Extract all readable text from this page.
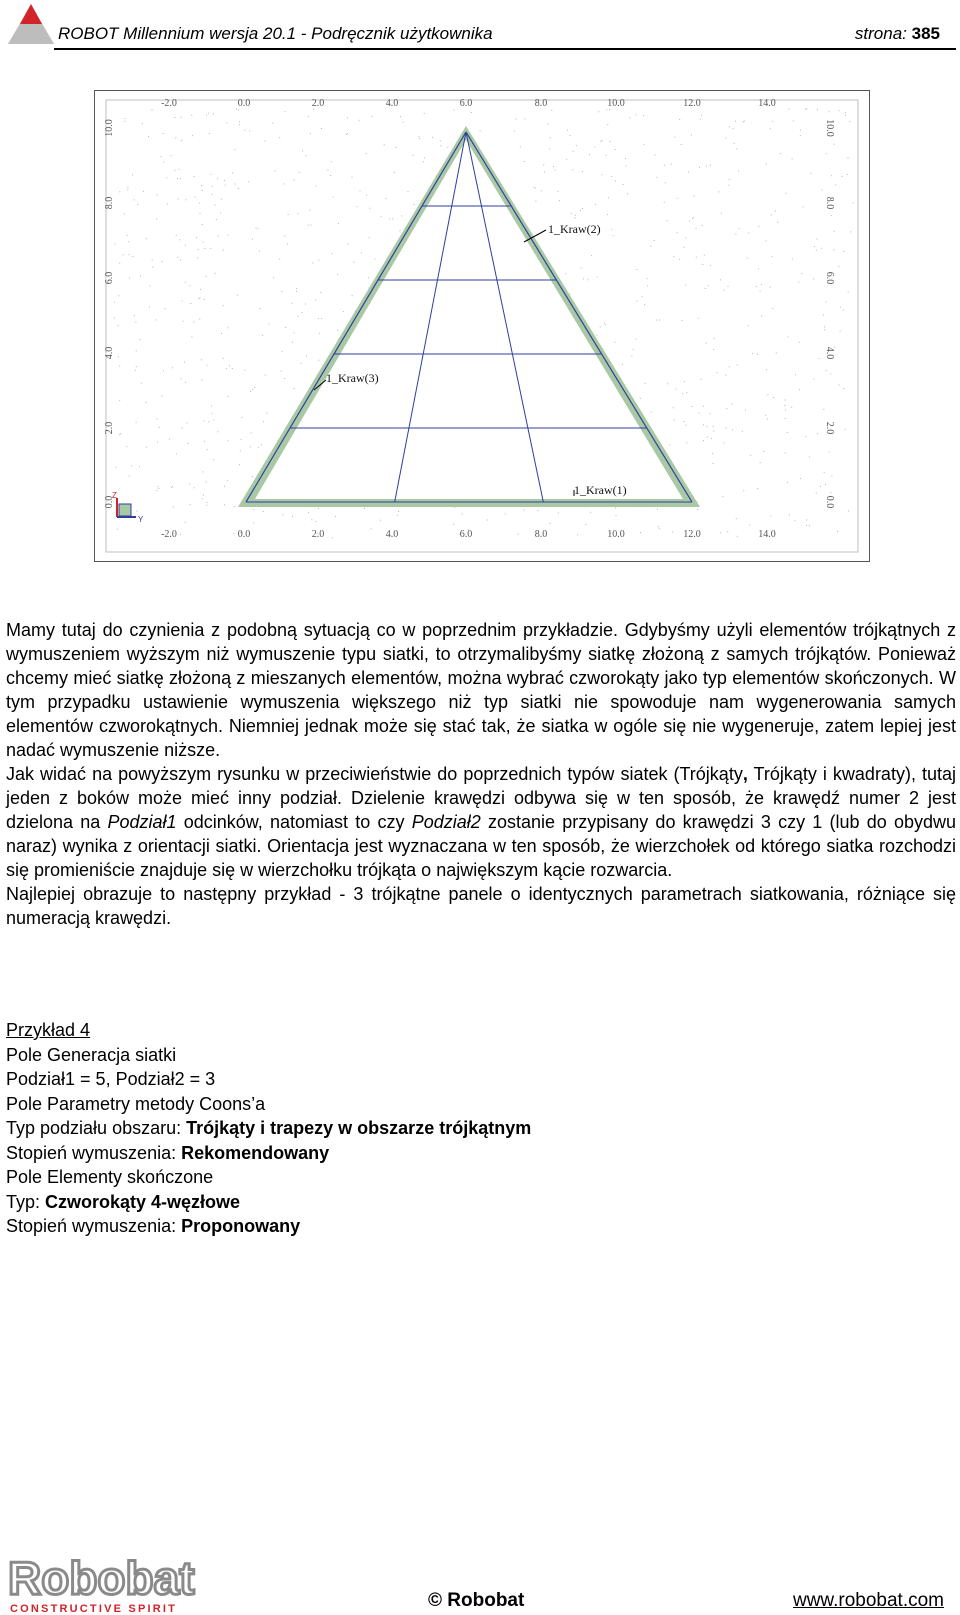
ROBOT Millennium wersja 20.1 - Podręcznik użytkownika	strona: 385
-2.0	0.0	2.0	4.0	6.0	8.0	10.0	12.0	14.0
-2.0	0.0	2.0	4.0	6.0	8.0	10.0	12.0	14.0
10.0
8.0
6.0
4.0
2.0
0.0
10.0
8.0
6.0
4.0
2.0
0.0
1_Kraw(2)
1_Kraw(3)
1_Kraw(1)
Z
Y

Mamy tutaj do czynienia z podobną sytuacją co w poprzednim przykładzie. Gdybyśmy użyli elementów trójkątnych z wymuszeniem wyższym niż wymuszenie typu siatki, to otrzymalibyśmy siatkę złożoną z samych trójkątów. Ponieważ chcemy mieć siatkę złożoną z mieszanych elementów, można wybrać czworokąty jako typ elementów skończonych. W tym przypadku ustawienie wymuszenia większego niż typ siatki nie spowoduje nam wygenerowania samych elementów czworokątnych. Niemniej jednak może się stać tak, że siatka w ogóle się nie wygeneruje, zatem lepiej jest nadać wymuszenie niższe.

Jak widać na powyższym rysunku w przeciwieństwie do poprzednich typów siatek (Trójkąty, Trójkąty i kwadraty), tutaj jeden z boków może mieć inny podział. Dzielenie krawędzi odbywa się w ten sposób, że krawędź numer 2 jest dzielona na Podział1 odcinków, natomiast to czy Podział2 zostanie przypisany do krawędzi 3 czy 1 (lub do obydwu naraz) wynika z orientacji siatki. Orientacja jest wyznaczana w ten sposób, że wierzchołek od którego siatka rozchodzi się promieniście znajduje się w wierzchołku trójkąta o największym kącie rozwarcia.

Najlepiej obrazuje to następny przykład - 3 trójkątne panele o identycznych parametrach siatkowania, różniące się numeracją krawędzi.

Przykład 4
Pole Generacja siatki
Podział1 = 5, Podział2 = 3
Pole Parametry metody Coons’a
Typ podziału obszaru: Trójkąty i trapezy w obszarze trójkątnym
Stopień wymuszenia: Rekomendowany
Pole Elementy skończone
Typ: Czworokąty 4-węzłowe
Stopień wymuszenia: Proponowany
Robobat
CONSTRUCTIVE SPIRIT	© Robobat	www.robobat.com
